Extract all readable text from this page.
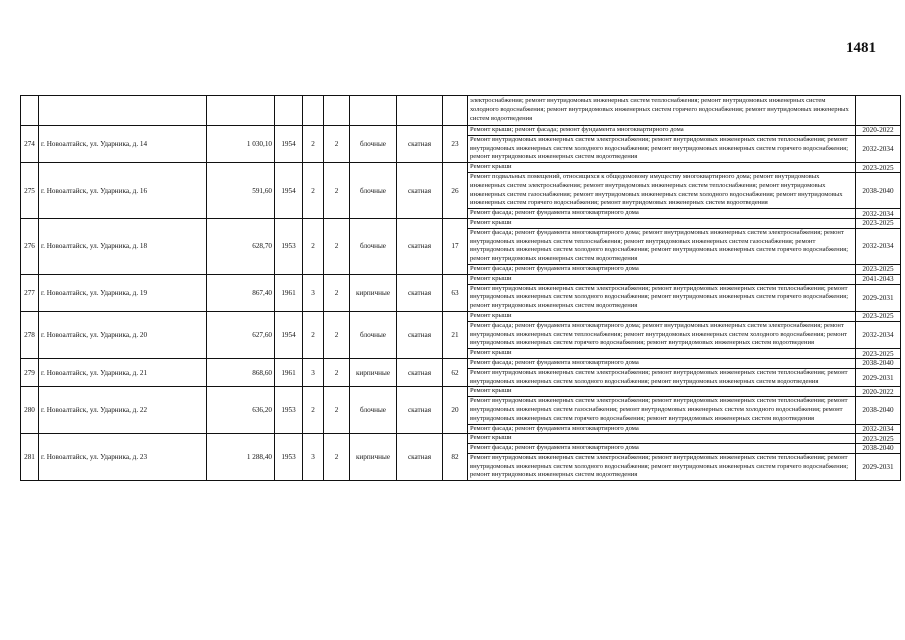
1481
									электроснабжения; ремонт внутридомовых инженерных систем теплоснабжения; ремонт внутридомовых инженерных систем холодного водоснабжения; ремонт внутридомовых инженерных систем горячего водоснабжения; ремонт внутридомовых инженерных систем водоотведения	
274	г. Новоалтайск, ул. Ударника, д. 14	1 030,10	1954	2	2	блочные	скатная	23	Ремонт крыши; ремонт фасада; ремонт фундамента многоквартирного дома	2020-2022
									Ремонт внутридомовых инженерных систем электроснабжения; ремонт внутридомовых инженерных систем теплоснабжения; ремонт внутридомовых инженерных систем холодного водоснабжения; ремонт внутридомовых инженерных систем горячего водоснабжения; ремонт внутридомовых инженерных систем водоотведения	2032-2034
275	г. Новоалтайск, ул. Ударника, д. 16	591,60	1954	2	2	блочные	скатная	26	Ремонт крыши	2023-2025
									Ремонт подвальных помещений, относящихся к общедомовому имуществу многоквартирного дома; ремонт внутридомовых инженерных систем электроснабжения; ремонт внутридомовых инженерных систем теплоснабжения; ремонт внутридомовых инженерных систем газоснабжения; ремонт внутридомовых инженерных систем холодного водоснабжения; ремонт внутридомовых инженерных систем горячего водоснабжения; ремонт внутридомовых инженерных систем водоотведения	2038-2040
									Ремонт фасада; ремонт фундамента многоквартирного дома	2032-2034
276	г. Новоалтайск, ул. Ударника, д. 18	628,70	1953	2	2	блочные	скатная	17	Ремонт крыши	2023-2025
									Ремонт фасада; ремонт фундамента многоквартирного дома; ремонт внутридомовых инженерных систем электроснабжения; ремонт внутридомовых инженерных систем теплоснабжения; ремонт внутридомовых инженерных систем газоснабжения; ремонт внутридомовых инженерных систем холодного водоснабжения; ремонт внутридомовых инженерных систем горячего водоснабжения; ремонт внутридомовых инженерных систем водоотведения	2032-2034
									Ремонт фасада; ремонт фундамента многоквартирного дома	2023-2025
277	г. Новоалтайск, ул. Ударника, д. 19	867,40	1961	3	2	кирпичные	скатная	63	Ремонт крыши	2041-2043
									Ремонт внутридомовых инженерных систем электроснабжения; ремонт внутридомовых инженерных систем теплоснабжения; ремонт внутридомовых инженерных систем холодного водоснабжения; ремонт внутридомовых инженерных систем горячего водоснабжения; ремонт внутридомовых инженерных систем водоотведения	2029-2031
278	г. Новоалтайск, ул. Ударника, д. 20	627,60	1954	2	2	блочные	скатная	21	Ремонт крыши	2023-2025
									Ремонт фасада; ремонт фундамента многоквартирного дома; ремонт внутридомовых инженерных систем электроснабжения; ремонт внутридомовых инженерных систем теплоснабжения; ремонт внутридомовых инженерных систем холодного водоснабжения; ремонт внутридомовых инженерных систем горячего водоснабжения; ремонт внутридомовых инженерных систем водоотведения	2032-2034
									Ремонт крыши	2023-2025
279	г. Новоалтайск, ул. Ударника, д. 21	868,60	1961	3	2	кирпичные	скатная	62	Ремонт фасада; ремонт фундамента многоквартирного дома	2038-2040
									Ремонт внутридомовых инженерных систем электроснабжения; ремонт внутридомовых инженерных систем теплоснабжения; ремонт внутридомовых инженерных систем холодного водоснабжения; ремонт внутридомовых инженерных систем водоотведения	2029-2031
280	г. Новоалтайск, ул. Ударника, д. 22	636,20	1953	2	2	блочные	скатная	20	Ремонт крыши	2020-2022
									Ремонт внутридомовых инженерных систем электроснабжения; ремонт внутридомовых инженерных систем теплоснабжения; ремонт внутридомовых инженерных систем газоснабжения; ремонт внутридомовых инженерных систем холодного водоснабжения; ремонт внутридомовых инженерных систем горячего водоснабжения; ремонт внутридомовых инженерных систем водоотведения	2038-2040
									Ремонт фасада; ремонт фундамента многоквартирного дома	2032-2034
281	г. Новоалтайск, ул. Ударника, д. 23	1 288,40	1953	3	2	кирпичные	скатная	82	Ремонт крыши	2023-2025
									Ремонт фасада; ремонт фундамента многоквартирного дома	2038-2040
									Ремонт внутридомовых инженерных систем электроснабжения; ремонт внутридомовых инженерных систем теплоснабжения; ремонт внутридомовых инженерных систем холодного водоснабжения; ремонт внутридомовых инженерных систем горячего водоснабжения; ремонт внутридомовых инженерных систем водоотведения	2029-2031
